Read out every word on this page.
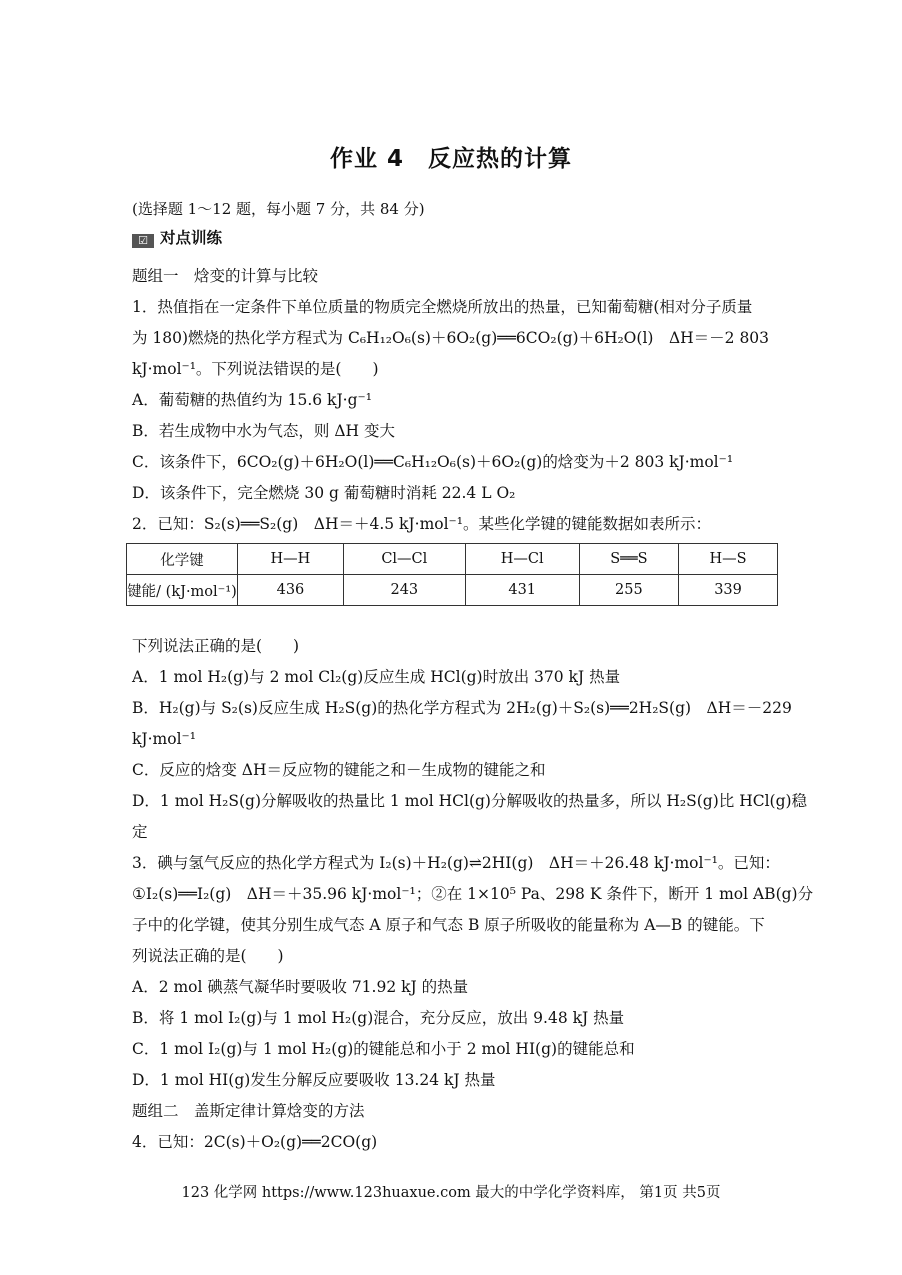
作业 4　反应热的计算
(选择题 1～12 题，每小题 7 分，共 84 分)
☑ 对点训练
题组一　焓变的计算与比较
1．热值指在一定条件下单位质量的物质完全燃烧所放出的热量，已知葡萄糖(相对分子质量
为 180)燃烧的热化学方程式为 C₆H₁₂O₆(s)＋6O₂(g)══6CO₂(g)＋6H₂O(l)　ΔH＝－2 803
kJ·mol⁻¹。下列说法错误的是(　　)
A．葡萄糖的热值约为 15.6 kJ·g⁻¹
B．若生成物中水为气态，则 ΔH 变大
C．该条件下，6CO₂(g)＋6H₂O(l)══C₆H₁₂O₆(s)＋6O₂(g)的焓变为＋2 803 kJ·mol⁻¹
D．该条件下，完全燃烧 30 g 葡萄糖时消耗 22.4 L O₂
2．已知：S₂(s)══S₂(g)　ΔH＝＋4.5 kJ·mol⁻¹。某些化学键的键能数据如表所示：
化学键	H—H	Cl—Cl	H—Cl	S══S	H—S
键能/ (kJ·mol⁻¹)	436	243	431	255	339
下列说法正确的是(　　)
A．1 mol H₂(g)与 2 mol Cl₂(g)反应生成 HCl(g)时放出 370 kJ 热量
B．H₂(g)与 S₂(s)反应生成 H₂S(g)的热化学方程式为 2H₂(g)＋S₂(s)══2H₂S(g)　ΔH＝－229
kJ·mol⁻¹
C．反应的焓变 ΔH＝反应物的键能之和－生成物的键能之和
D．1 mol H₂S(g)分解吸收的热量比 1 mol HCl(g)分解吸收的热量多，所以 H₂S(g)比 HCl(g)稳
定
3．碘与氢气反应的热化学方程式为 I₂(s)＋H₂(g)⇌2HI(g)　ΔH＝＋26.48 kJ·mol⁻¹。已知：
①I₂(s)══I₂(g)　ΔH＝＋35.96 kJ·mol⁻¹；②在 1×10⁵ Pa、298 K 条件下，断开 1 mol AB(g)分
子中的化学键，使其分别生成气态 A 原子和气态 B 原子所吸收的能量称为 A—B 的键能。下
列说法正确的是(　　)
A．2 mol 碘蒸气凝华时要吸收 71.92 kJ 的热量
B．将 1 mol I₂(g)与 1 mol H₂(g)混合，充分反应，放出 9.48 kJ 热量
C．1 mol I₂(g)与 1 mol H₂(g)的键能总和小于 2 mol HI(g)的键能总和
D．1 mol HI(g)发生分解反应要吸收 13.24 kJ 热量
题组二　盖斯定律计算焓变的方法
4．已知：2C(s)＋O₂(g)══2CO(g)
123 化学网 https://www.123huaxue.com 最大的中学化学资料库， 第1页 共5页
